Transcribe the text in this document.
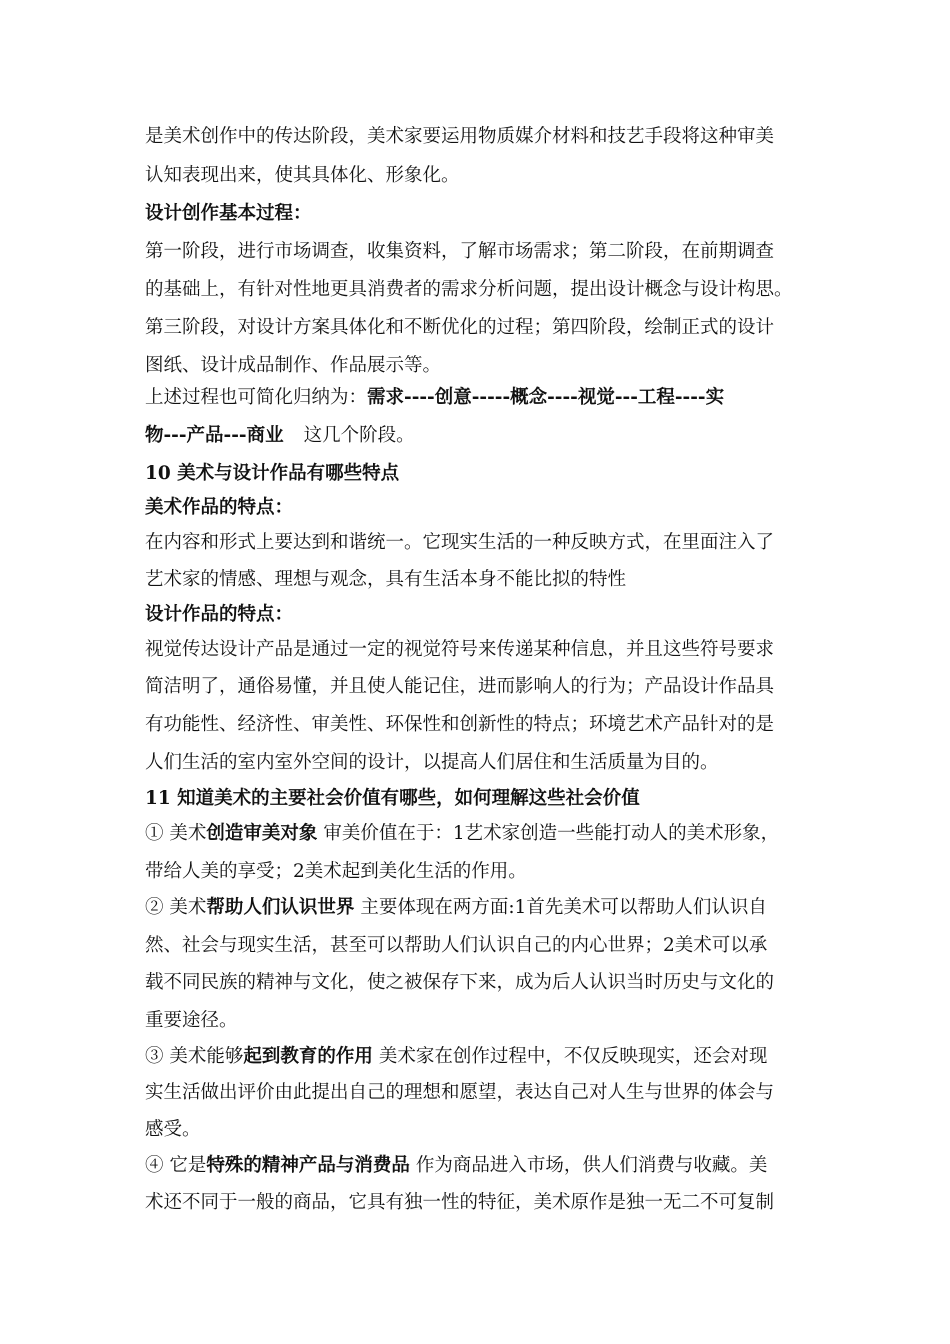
是美术创作中的传达阶段，美术家要运用物质媒介材料和技艺手段将这种审美
认知表现出来，使其具体化、形象化。
设计创作基本过程：
第一阶段，进行市场调查，收集资料，了解市场需求；第二阶段，在前期调查
的基础上，有针对性地更具消费者的需求分析问题，提出设计概念与设计构思。
第三阶段，对设计方案具体化和不断优化的过程；第四阶段，绘制正式的设计
图纸、设计成品制作、作品展示等。
上述过程也可简化归纳为：需求----创意-----概念----视觉---工程----实
物---产品---商业 这几个阶段。
10 美术与设计作品有哪些特点
美术作品的特点：
在内容和形式上要达到和谐统一。它现实生活的一种反映方式，在里面注入了
艺术家的情感、理想与观念，具有生活本身不能比拟的特性
设计作品的特点：
视觉传达设计产品是通过一定的视觉符号来传递某种信息，并且这些符号要求
简洁明了，通俗易懂，并且使人能记住，进而影响人的行为；产品设计作品具
有功能性、经济性、审美性、环保性和创新性的特点；环境艺术产品针对的是
人们生活的室内室外空间的设计，以提高人们居住和生活质量为目的。
11 知道美术的主要社会价值有哪些，如何理解这些社会价值
① 美术创造审美对象 审美价值在于：1艺术家创造一些能打动人的美术形象，
带给人美的享受；2美术起到美化生活的作用。
② 美术帮助人们认识世界 主要体现在两方面:1首先美术可以帮助人们认识自
然、社会与现实生活，甚至可以帮助人们认识自己的内心世界；2美术可以承
载不同民族的精神与文化，使之被保存下来，成为后人认识当时历史与文化的
重要途径。
③ 美术能够起到教育的作用 美术家在创作过程中，不仅反映现实，还会对现
实生活做出评价由此提出自己的理想和愿望，表达自己对人生与世界的体会与
感受。
④ 它是特殊的精神产品与消费品 作为商品进入市场，供人们消费与收藏。美
术还不同于一般的商品，它具有独一性的特征，美术原作是独一无二不可复制
